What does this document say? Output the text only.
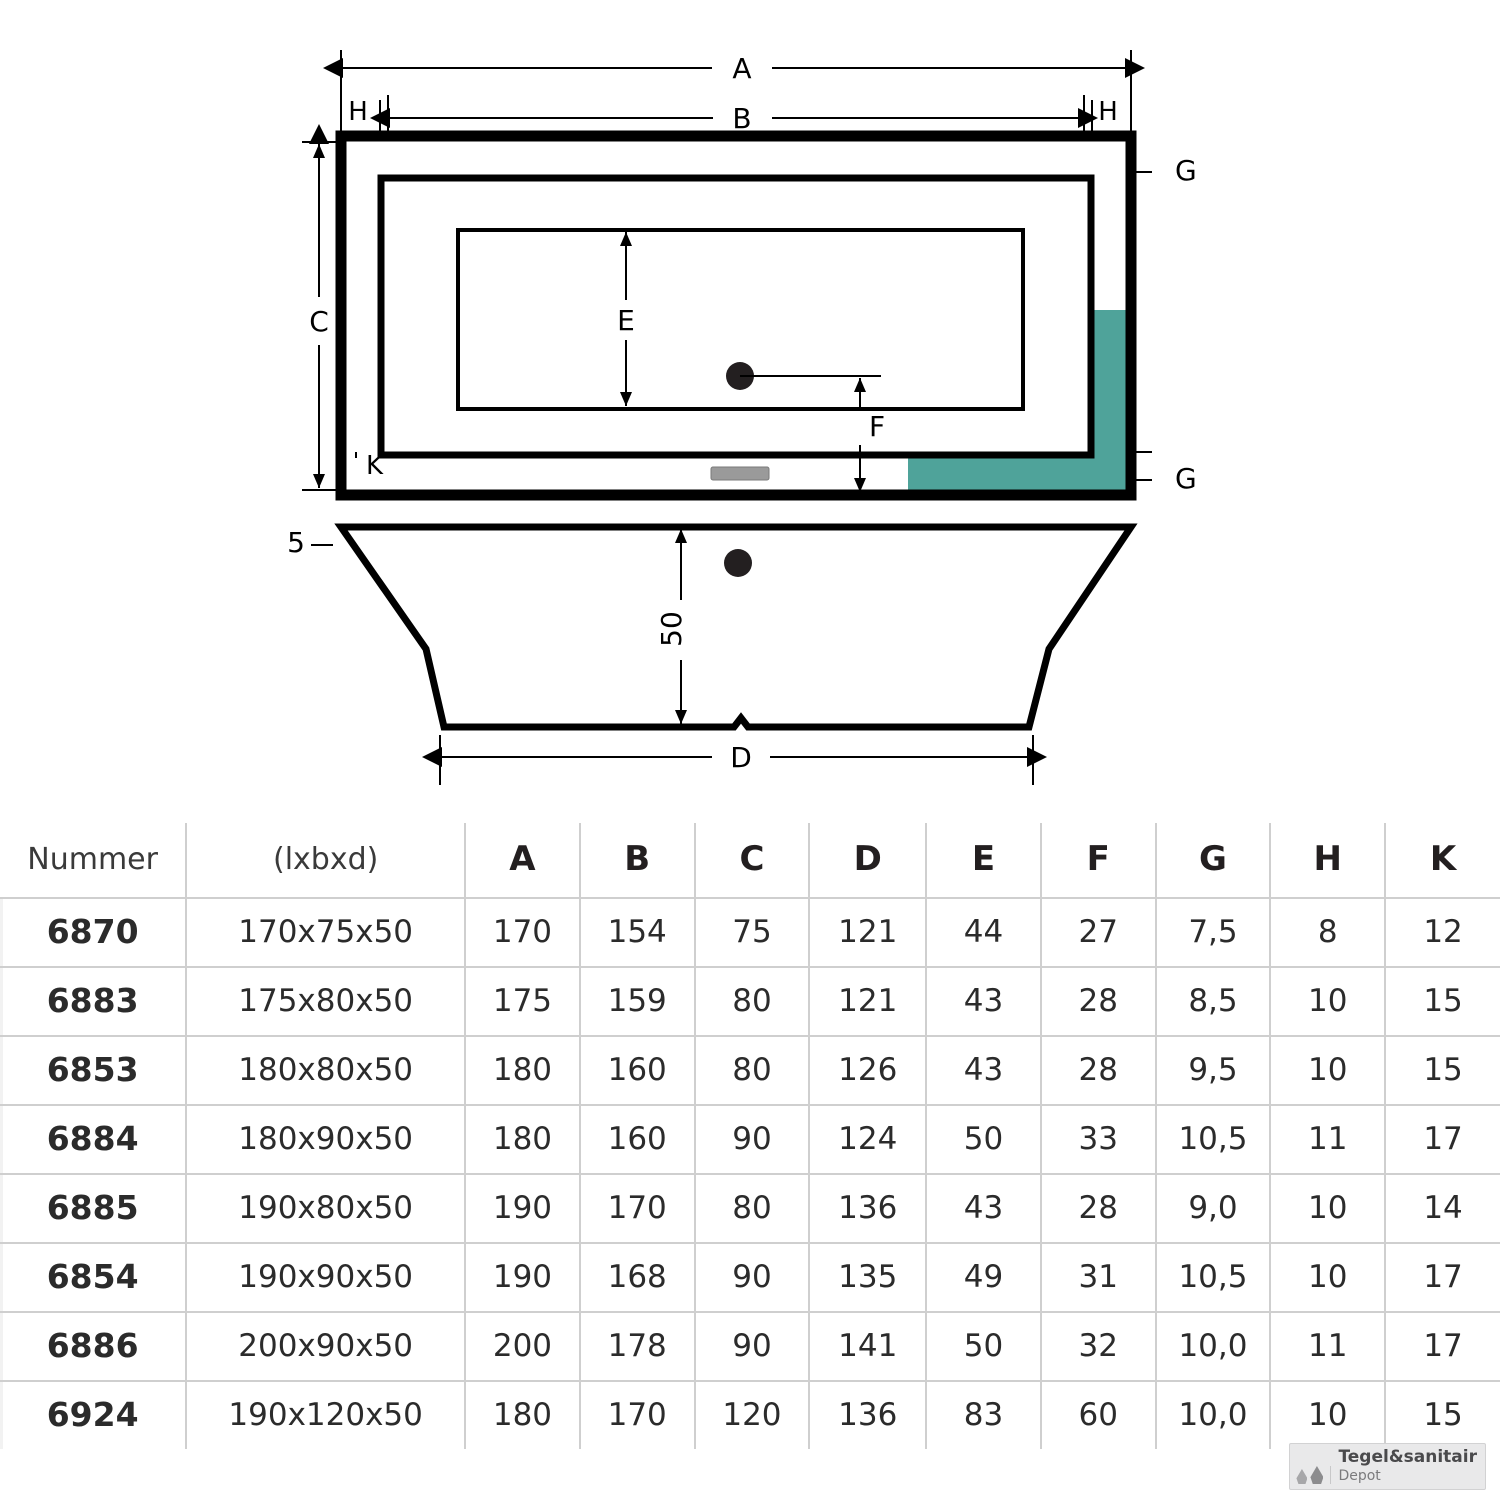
A
B
H	H
C	E
F
G
G
K
5
50
D
Nummer	(lxbxd)	A	B	C	D	E	F	G	H	K
6870	170x75x50	170	154	75	121	44	27	7,5	8	12
6883	175x80x50	175	159	80	121	43	28	8,5	10	15
6853	180x80x50	180	160	80	126	43	28	9,5	10	15
6884	180x90x50	180	160	90	124	50	33	10,5	11	17
6885	190x80x50	190	170	80	136	43	28	9,0	10	14
6854	190x90x50	190	168	90	135	49	31	10,5	10	17
6886	200x90x50	200	178	90	141	50	32	10,0	11	17
6924	190x120x50	180	170	120	136	83	60	10,0	10	15
Tegel&sanitair
Depot
